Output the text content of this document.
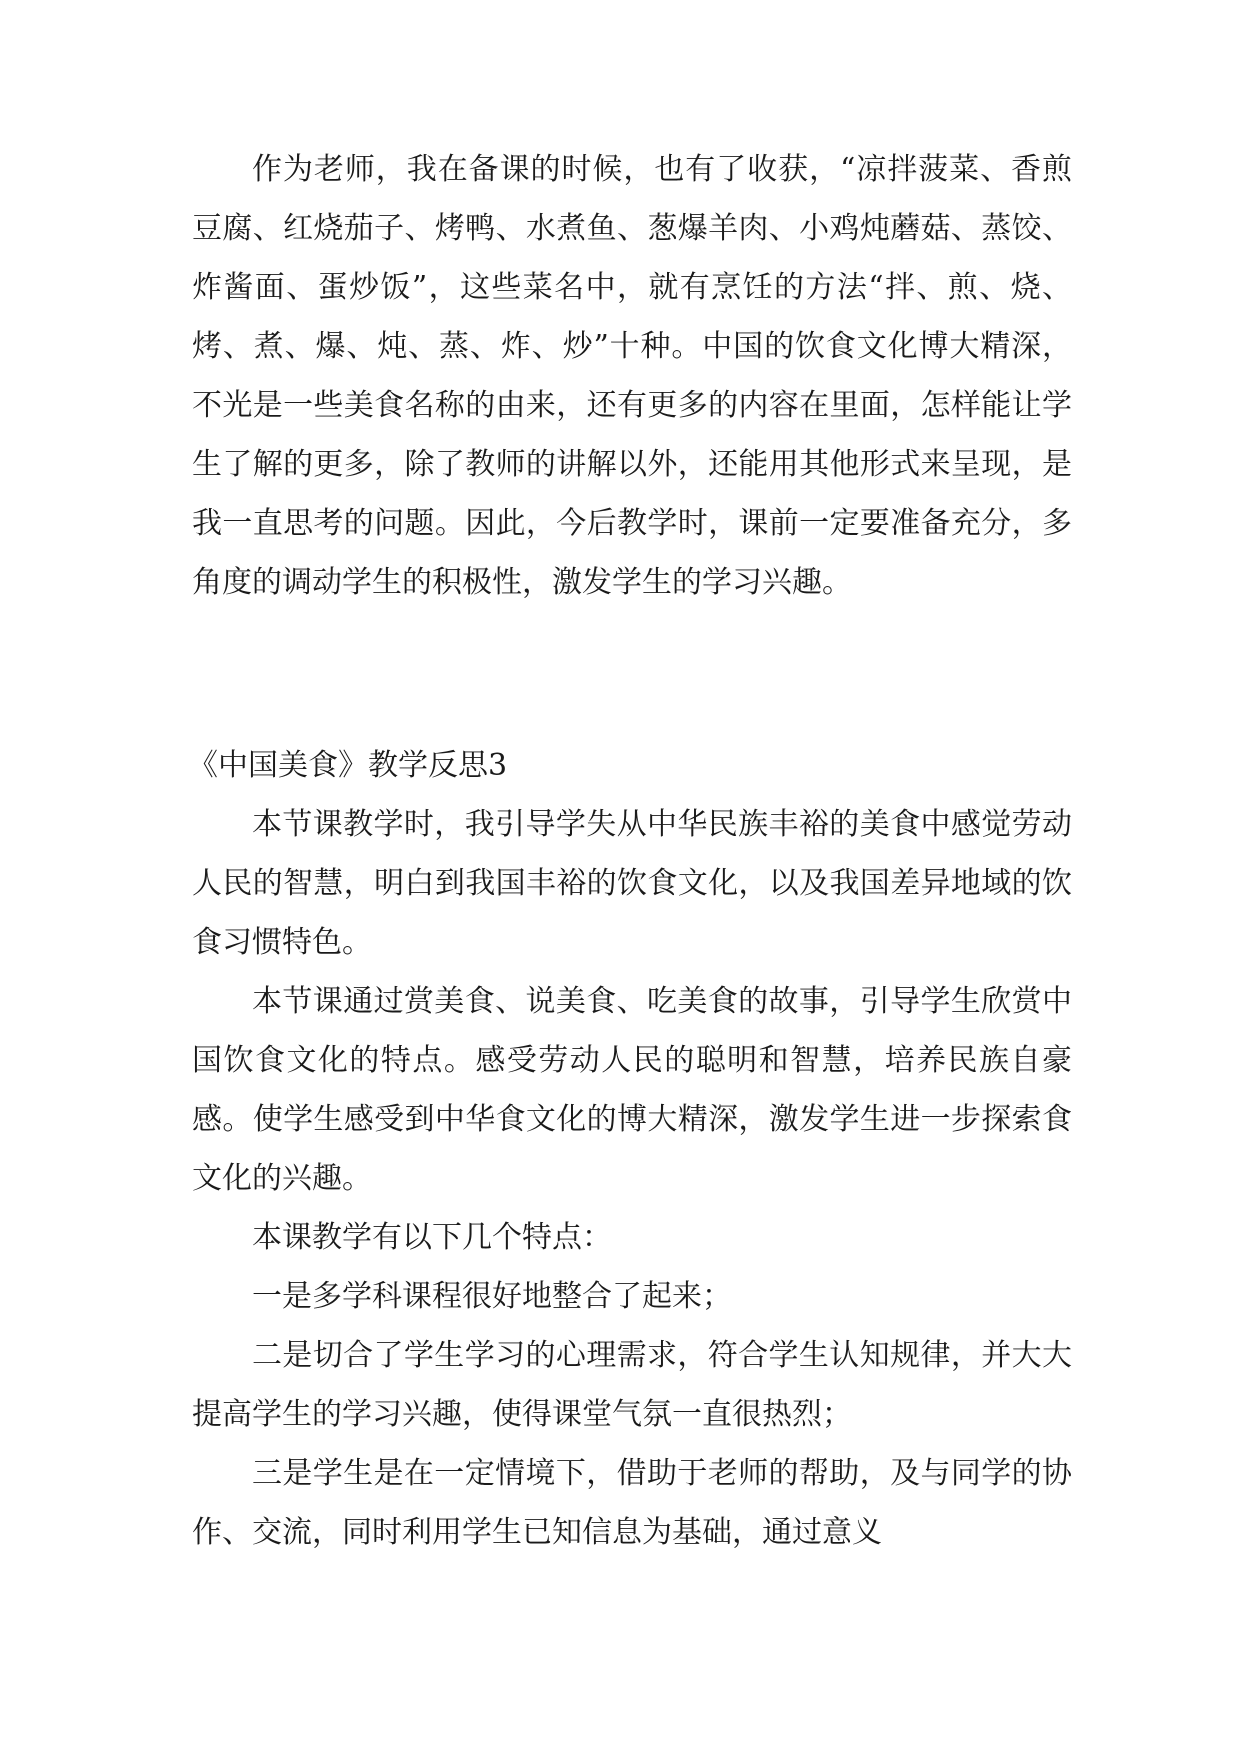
作为老师，我在备课的时候，也有了收获，“凉拌菠菜、香煎豆腐、红烧茄子、烤鸭、水煮鱼、葱爆羊肉、小鸡炖蘑菇、蒸饺、炸酱面、蛋炒饭”，这些菜名中，就有烹饪的方法“拌、煎、烧、烤、煮、爆、炖、蒸、炸、炒”十种。中国的饮食文化博大精深，不光是一些美食名称的由来，还有更多的内容在里面，怎样能让学生了解的更多，除了教师的讲解以外，还能用其他形式来呈现，是我一直思考的问题。因此，今后教学时，课前一定要准备充分，多角度的调动学生的积极性，激发学生的学习兴趣。

《中国美食》教学反思3

本节课教学时，我引导学失从中华民族丰裕的美食中感觉劳动人民的智慧，明白到我国丰裕的饮食文化，以及我国差异地域的饮食习惯特色。

本节课通过赏美食、说美食、吃美食的故事，引导学生欣赏中国饮食文化的特点。感受劳动人民的聪明和智慧，培养民族自豪感。使学生感受到中华食文化的博大精深，激发学生进一步探索食文化的兴趣。

本课教学有以下几个特点：

一是多学科课程很好地整合了起来；

二是切合了学生学习的心理需求，符合学生认知规律，并大大提高学生的学习兴趣，使得课堂气氛一直很热烈；

三是学生是在一定情境下，借助于老师的帮助，及与同学的协作、交流，同时利用学生已知信息为基础，通过意义
